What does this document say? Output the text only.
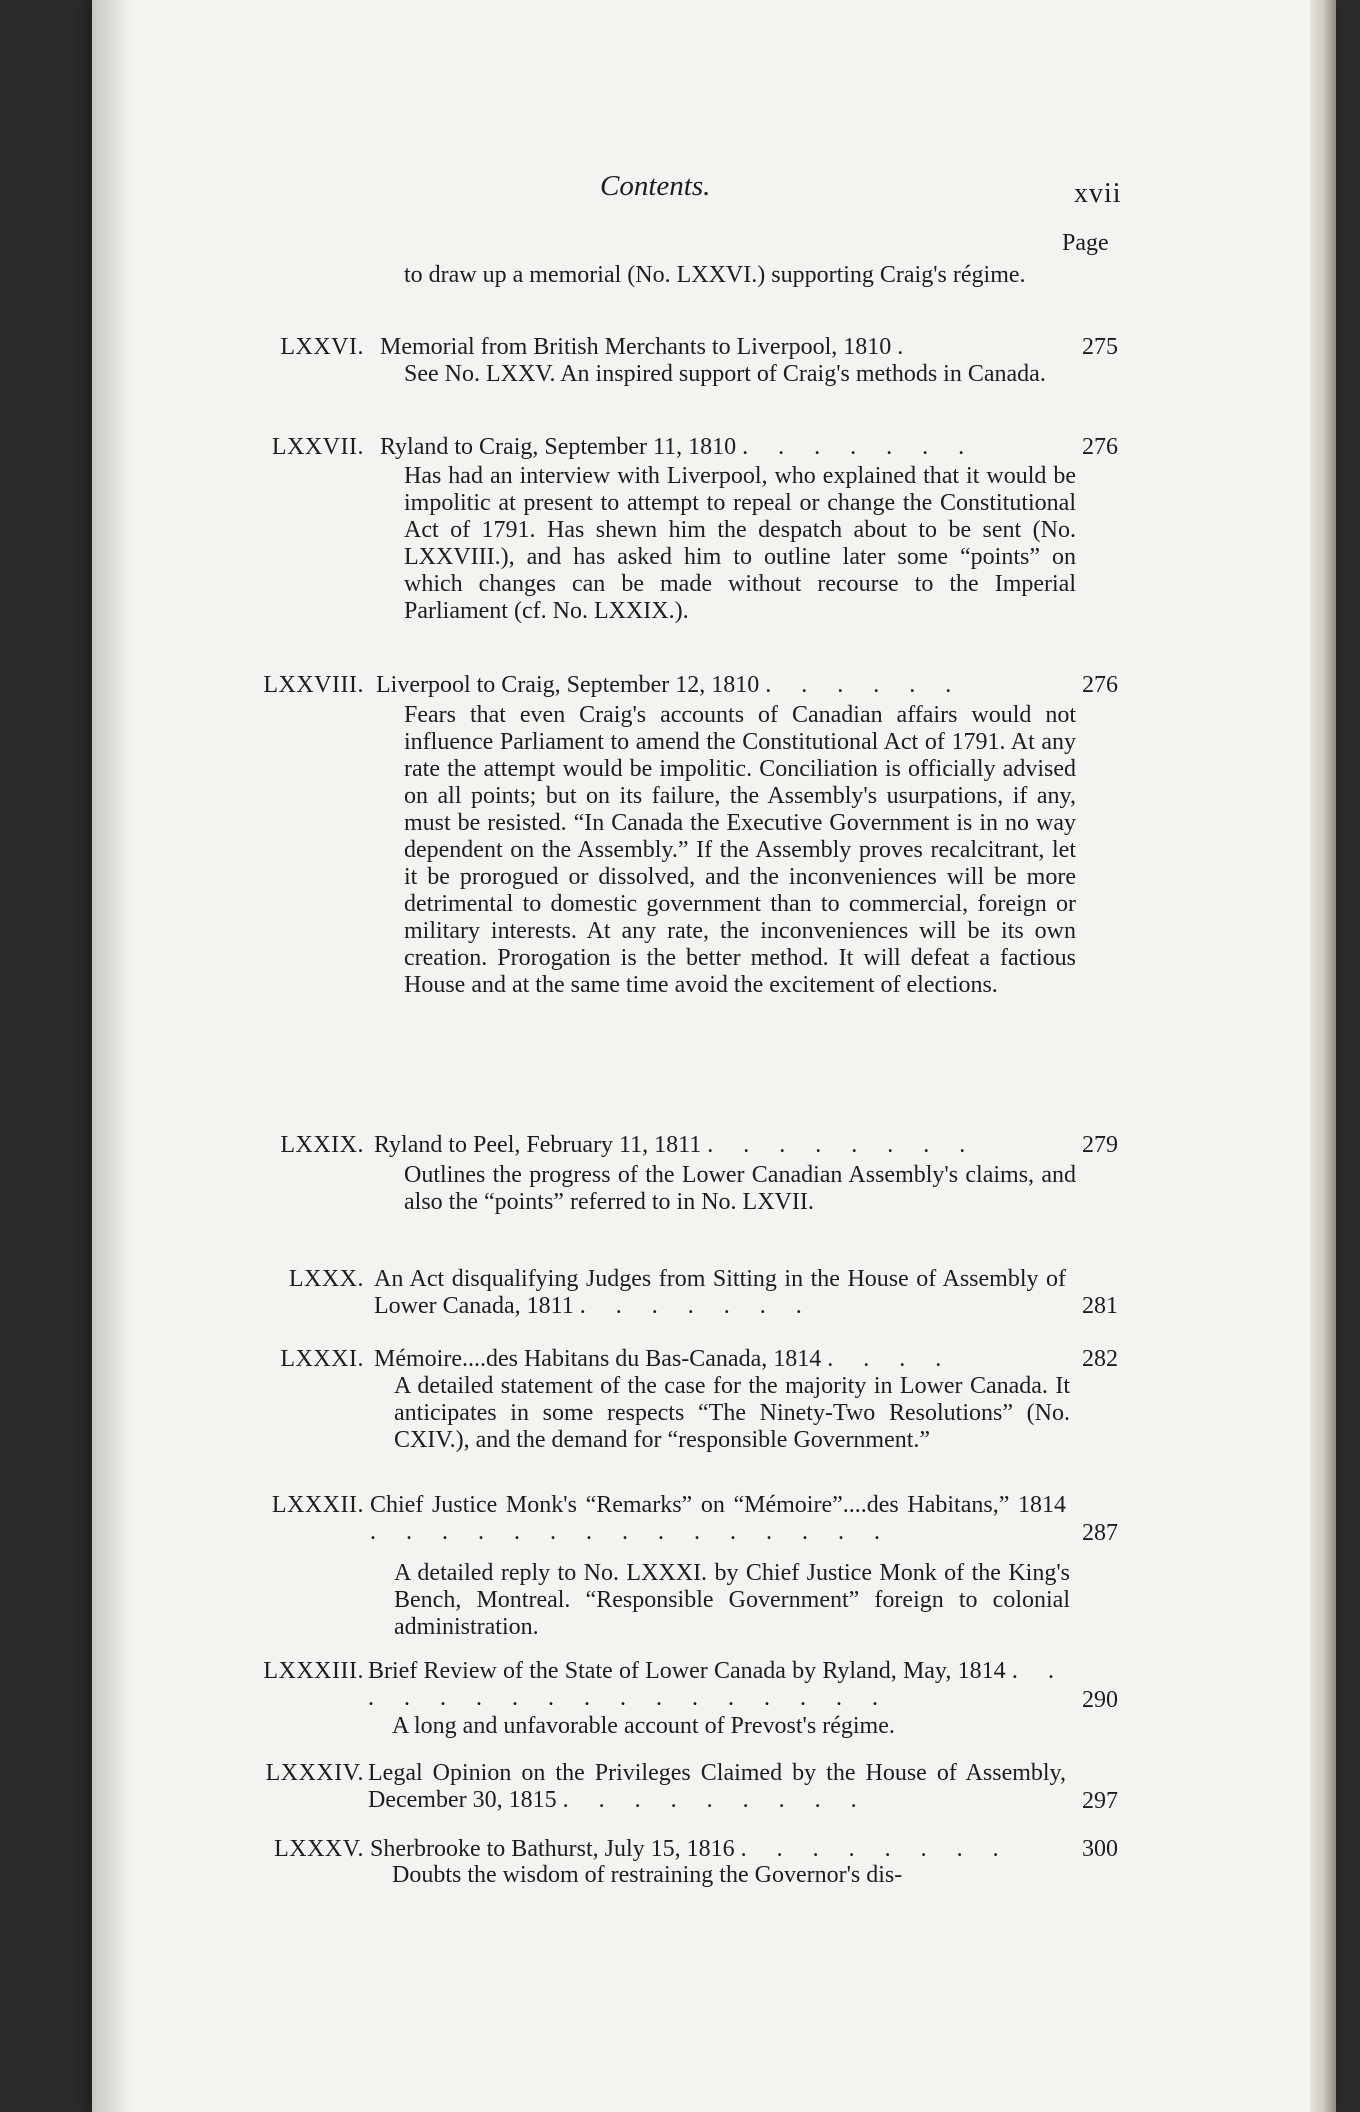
Contents.	xvii
Page
to draw up a memorial (No. LXXVI.) supporting Craig's régime.
LXXVI. Memorial from British Merchants to Liverpool, 1810 .	275
See No. LXXV. An inspired support of Craig's methods in Canada.
LXXVII. Ryland to Craig, September 11, 1810 . . . . . . .	276
Has had an interview with Liverpool, who explained that it would be impolitic at present to attempt to repeal or change the Constitutional Act of 1791. Has shewn him the despatch about to be sent (No. LXXVIII.), and has asked him to outline later some “points” on which changes can be made without recourse to the Imperial Parliament (cf. No. LXXIX.).
LXXVIII. Liverpool to Craig, September 12, 1810 . . . . . .	276
Fears that even Craig's accounts of Canadian affairs would not influence Parliament to amend the Constitutional Act of 1791. At any rate the attempt would be impolitic. Conciliation is officially advised on all points; but on its failure, the Assembly's usurpations, if any, must be resisted. “In Canada the Executive Government is in no way dependent on the Assembly.” If the Assembly proves recalcitrant, let it be prorogued or dissolved, and the inconveniences will be more detrimental to domestic government than to commercial, foreign or military interests. At any rate, the inconveniences will be its own creation. Prorogation is the better method. It will defeat a factious House and at the same time avoid the excitement of elections.
LXXIX. Ryland to Peel, February 11, 1811 . . . . . . . .	279
Outlines the progress of the Lower Canadian Assembly's claims, and also the “points” referred to in No. LXVII.
LXXX. An Act disqualifying Judges from Sitting in the House of Assembly of Lower Canada, 1811 . . . . . . .	281
LXXXI. Mémoire....des Habitans du Bas-Canada, 1814 . . . .	282
A detailed statement of the case for the majority in Lower Canada. It anticipates in some respects “The Ninety-Two Resolutions” (No. CXIV.), and the demand for “responsible Government.”
LXXXII. Chief Justice Monk's “Remarks” on “Mémoire”....des Habitans,” 1814 . . . . . . . . . . . . . . .	287
A detailed reply to No. LXXXI. by Chief Justice Monk of the King's Bench, Montreal. “Responsible Government” foreign to colonial administration.
LXXXIII. Brief Review of the State of Lower Canada by Ryland, May, 1814 . . . . . . . . . . . . . . . . .	290
A long and unfavorable account of Prevost's régime.
LXXXIV. Legal Opinion on the Privileges Claimed by the House of Assembly, December 30, 1815 . . . . . . . . .	297
LXXXV. Sherbrooke to Bathurst, July 15, 1816 . . . . . . . .	300
Doubts the wisdom of restraining the Governor's dis-
